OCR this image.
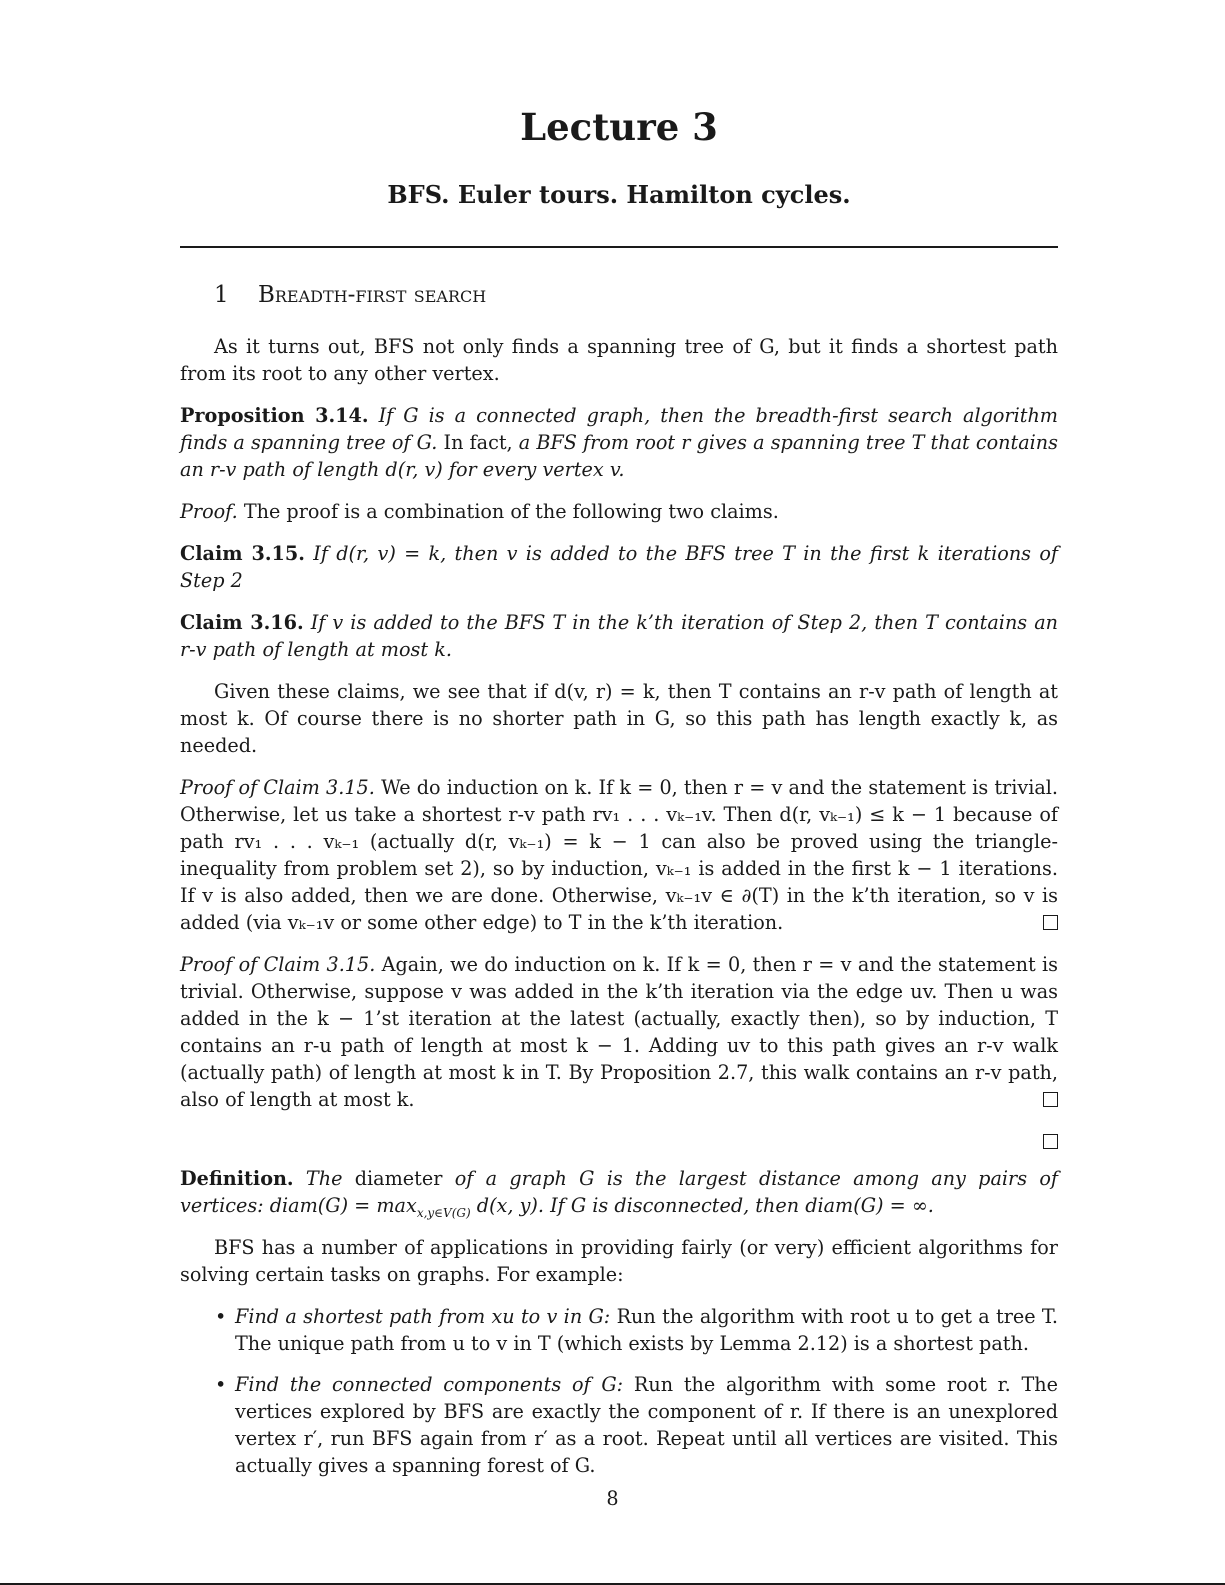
Lecture 3
BFS. Euler tours. Hamilton cycles.
1 Breadth-first search

As it turns out, BFS not only finds a spanning tree of G, but it finds a shortest path from its root to any other vertex.

Proposition 3.14. If G is a connected graph, then the breadth-first search algorithm finds a spanning tree of G. In fact, a BFS from root r gives a spanning tree T that contains an r-v path of length d(r, v) for every vertex v.

Proof. The proof is a combination of the following two claims.

Claim 3.15. If d(r, v) = k, then v is added to the BFS tree T in the first k iterations of Step 2

Claim 3.16. If v is added to the BFS T in the k’th iteration of Step 2, then T contains an r-v path of length at most k.

Given these claims, we see that if d(v, r) = k, then T contains an r-v path of length at most k. Of course there is no shorter path in G, so this path has length exactly k, as needed.

Proof of Claim 3.15. We do induction on k. If k = 0, then r = v and the statement is trivial. Otherwise, let us take a shortest r-v path rv₁ . . . vₖ₋₁v. Then d(r, vₖ₋₁) ≤ k − 1 because of path rv₁ . . . vₖ₋₁ (actually d(r, vₖ₋₁) = k − 1 can also be proved using the triangle-inequality from problem set 2), so by induction, vₖ₋₁ is added in the first k − 1 iterations. If v is also added, then we are done. Otherwise, vₖ₋₁v ∈ ∂(T) in the k’th iteration, so v is added (via vₖ₋₁v or some other edge) to T in the k’th iteration.

Proof of Claim 3.15. Again, we do induction on k. If k = 0, then r = v and the statement is trivial. Otherwise, suppose v was added in the k’th iteration via the edge uv. Then u was added in the k − 1’st iteration at the latest (actually, exactly then), so by induction, T contains an r-u path of length at most k − 1. Adding uv to this path gives an r-v walk (actually path) of length at most k in T. By Proposition 2.7, this walk contains an r-v path, also of length at most k.

Definition. The diameter of a graph G is the largest distance among any pairs of vertices: diam(G) = $\max_{x,y\in V(G)} d(x$, y). If G is disconnected, then diam(G) = ∞.

BFS has a number of applications in providing fairly (or very) efficient algorithms for solving certain tasks on graphs. For example:

• Find a shortest path from xu to v in G: Run the algorithm with root u to get a tree T. The unique path from u to v in T (which exists by Lemma 2.12) is a shortest path.
• Find the connected components of G: Run the algorithm with some root r. The vertices explored by BFS are exactly the component of r. If there is an unexplored vertex r′, run BFS again from r′ as a root. Repeat until all vertices are visited. This actually gives a spanning forest of G.
8
